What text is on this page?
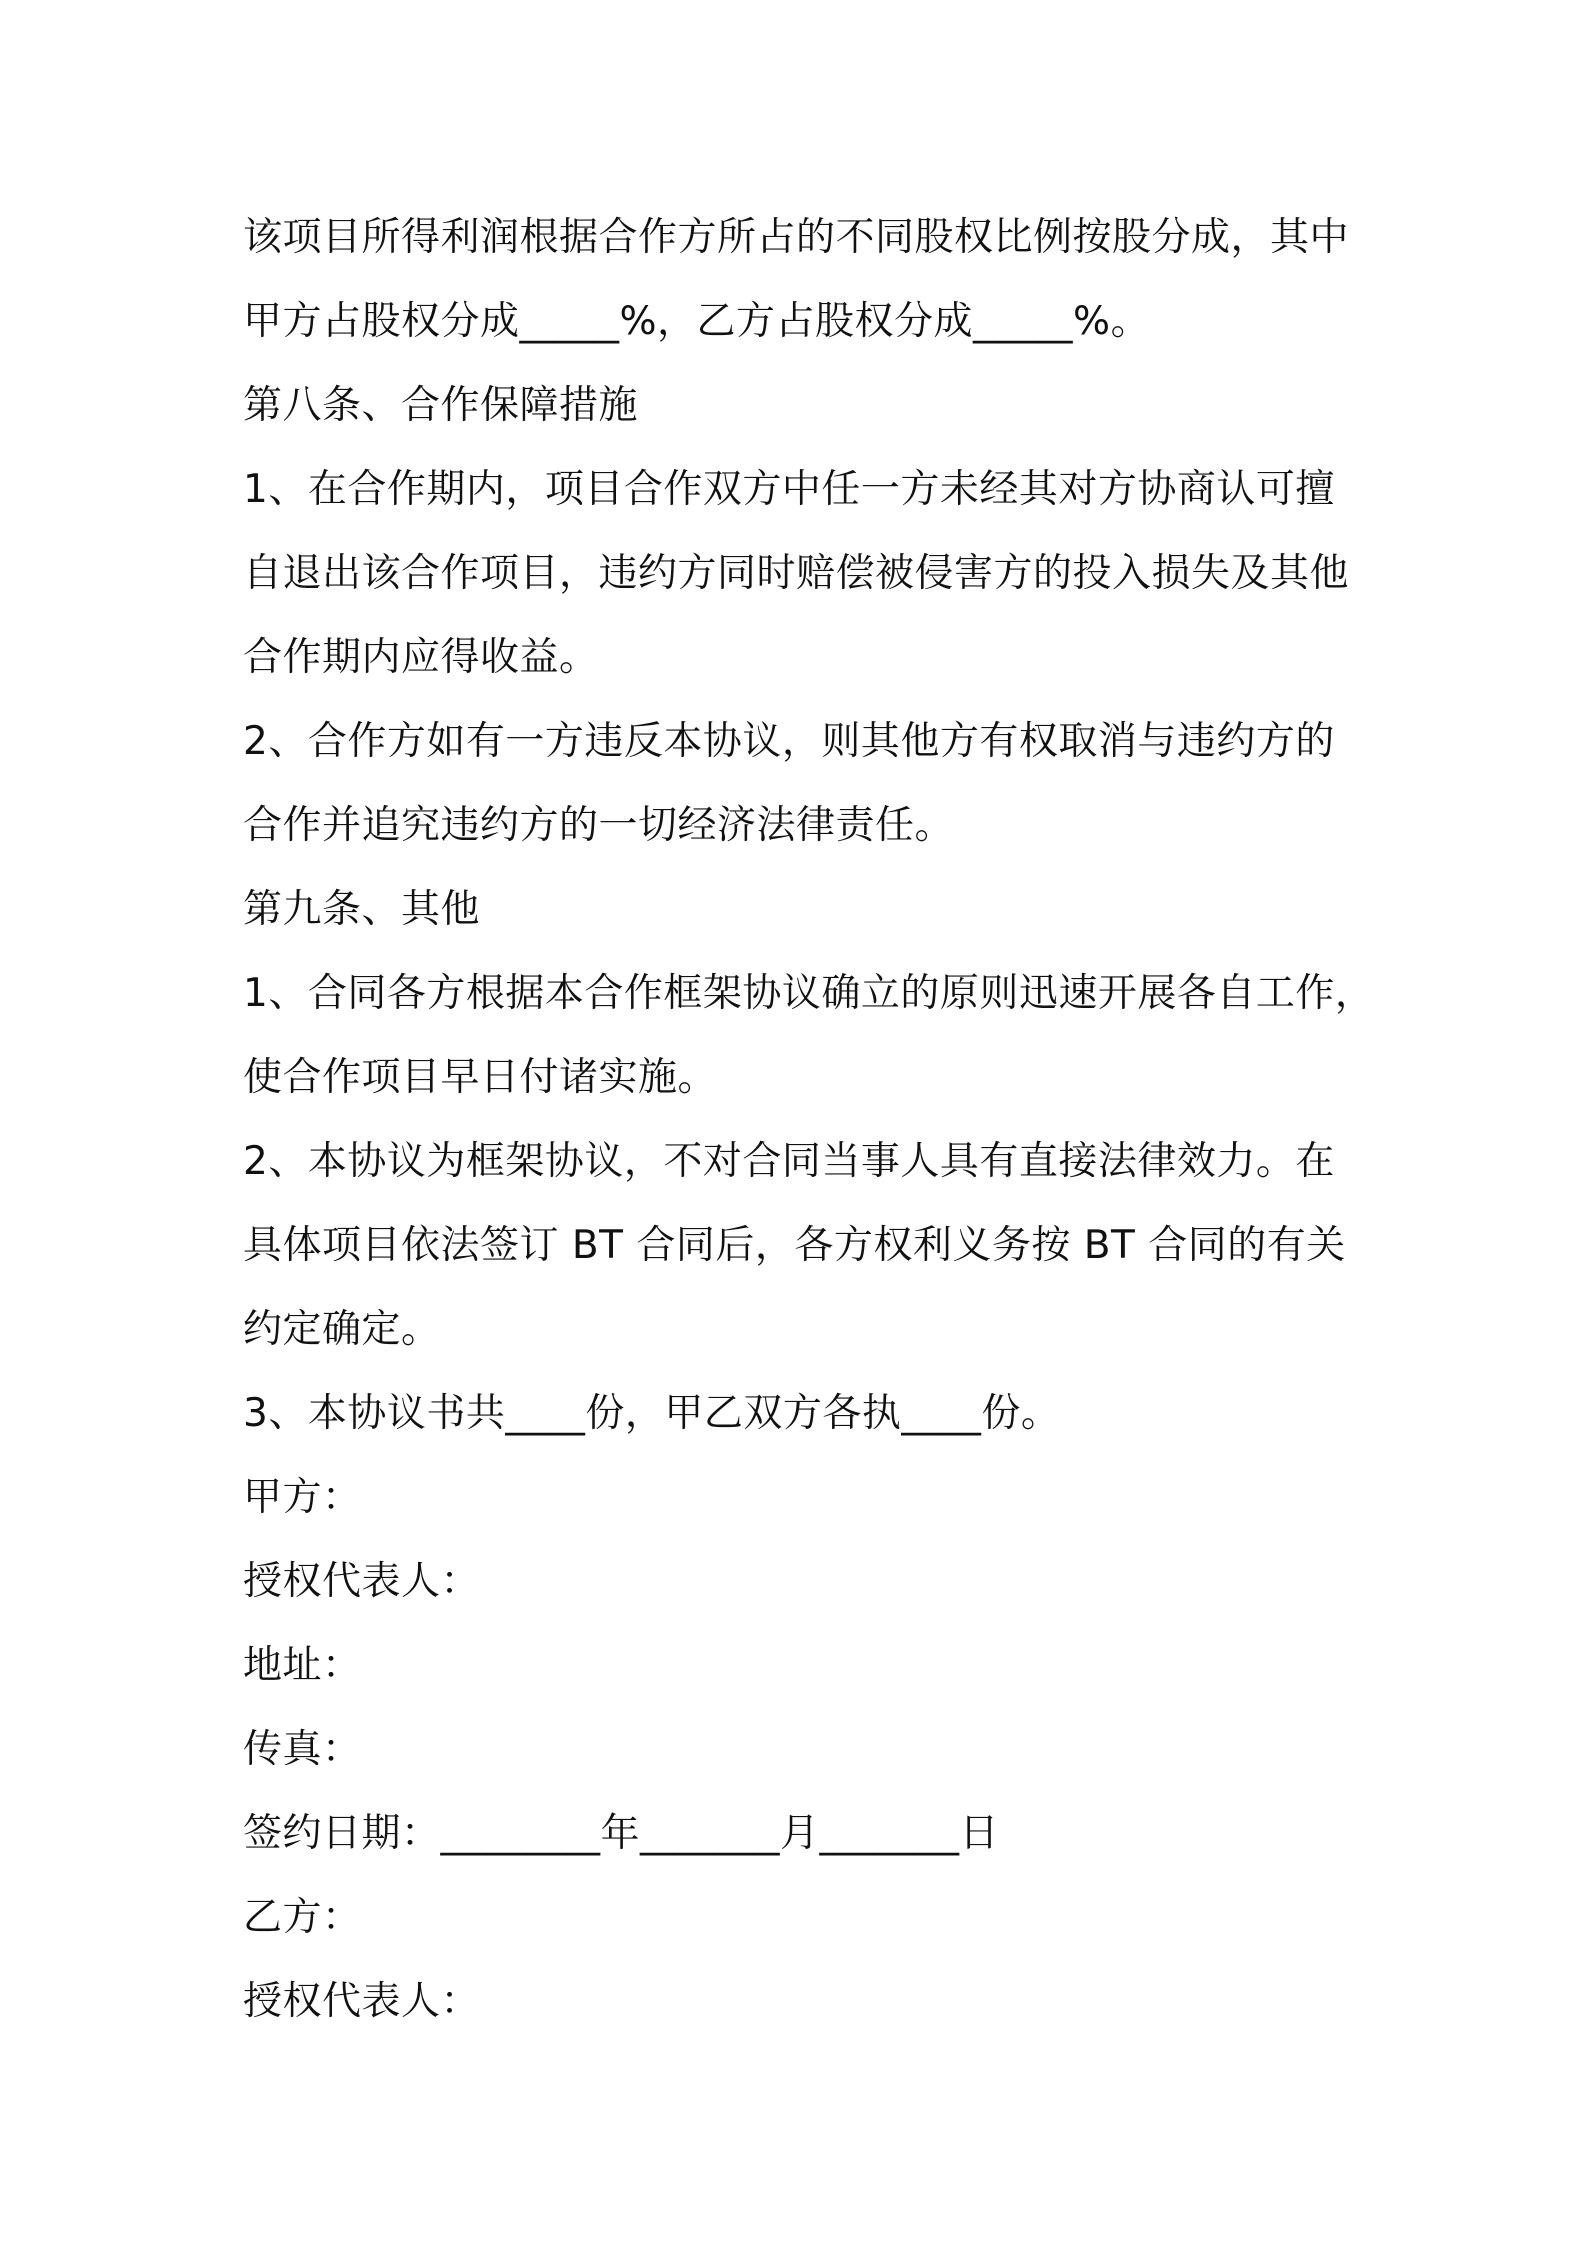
该项目所得利润根据合作方所占的不同股权比例按股分成，其中
甲方占股权分成_____%，乙方占股权分成_____%。
第八条、合作保障措施
1、在合作期内，项目合作双方中任一方未经其对方协商认可擅
自退出该合作项目，违约方同时赔偿被侵害方的投入损失及其他
合作期内应得收益。
2、合作方如有一方违反本协议，则其他方有权取消与违约方的
合作并追究违约方的一切经济法律责任。
第九条、其他
1、合同各方根据本合作框架协议确立的原则迅速开展各自工作，
使合作项目早日付诸实施。
2、本协议为框架协议，不对合同当事人具有直接法律效力。在
具体项目依法签订 BT 合同后，各方权利义务按 BT 合同的有关
约定确定。
3、本协议书共____份，甲乙双方各执____份。
甲方：
授权代表人：
地址：
传真：
签约日期：________年_______月_______日
乙方：
授权代表人：
